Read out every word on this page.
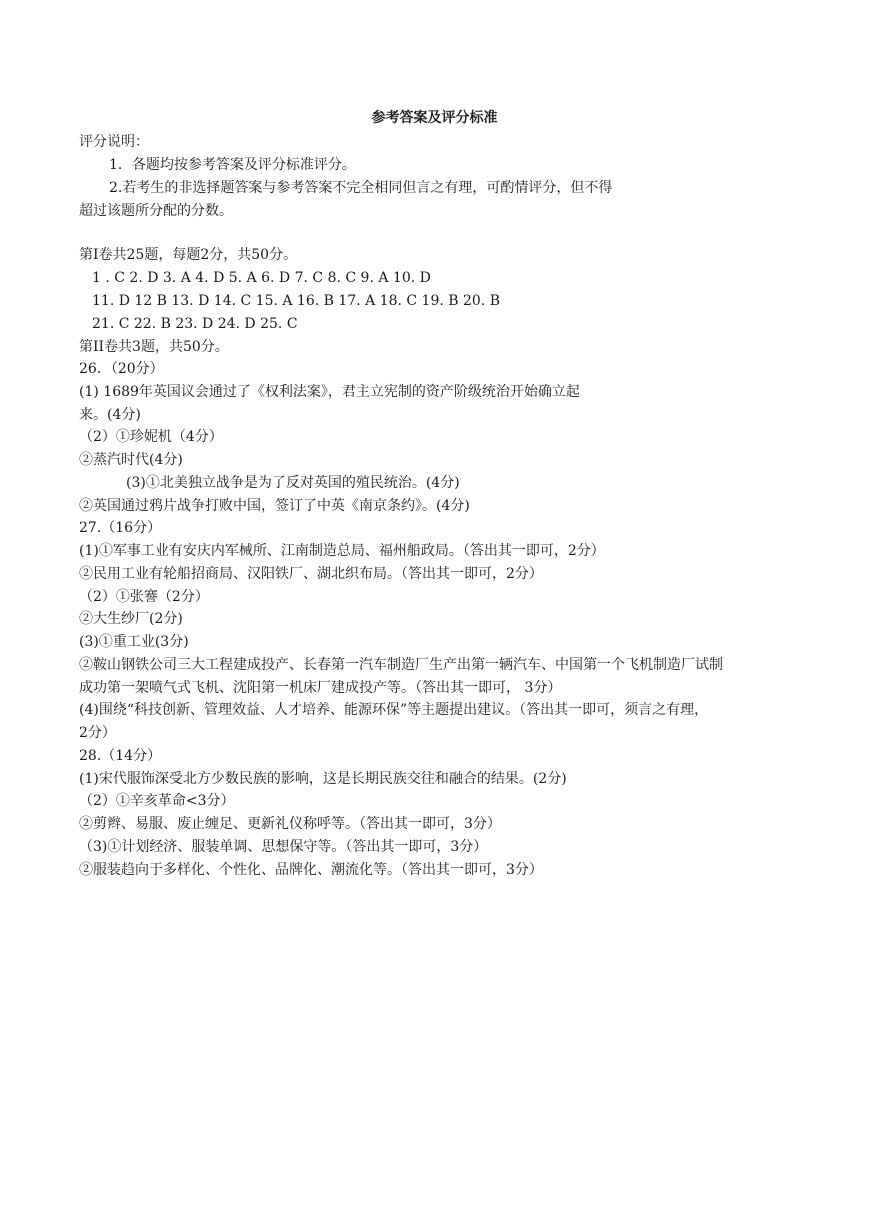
参考答案及评分标准
评分说明：
1．各题均按参考答案及评分标准评分。
2.若考生的非选择题答案与参考答案不完全相同但言之有理，可酌情评分，但不得
超过该题所分配的分数。
第I卷共25题，每题2分，共50分。
1 . C 2. D 3. A 4. D 5. A 6. D 7. C 8. C 9. A 10. D
11. D 12 B 13. D 14. C 15. A 16. B 17. A 18. C 19. B 20. B
21. C 22. B 23. D 24. D 25. C
第II卷共3题，共50分。
26．（20分）
(1) 1689年英国议会通过了《权利法案》，君主立宪制的资产阶级统治开始确立起
来。(4分)
（2）①珍妮机（4分）
②蒸汽时代(4分)
(3)①北美独立战争是为了反对英国的殖民统治。(4分)
②英国通过鸦片战争打败中国，签订了中英《南京条约》。(4分)
27.（16分）
(1)①军事工业有安庆内军械所、江南制造总局、福州船政局。（答出其一即可，2分）
②民用工业有轮船招商局、汉阳铁厂、湖北织布局。（答出其一即可，2分）
（2）①张謇（2分）
②大生纱厂(2分)
(3)①重工业(3分)
②鞍山钢铁公司三大工程建成投产、长春第一汽车制造厂生产出第一辆汽车、中国第一个飞机制造厂试制
成功第一架喷气式飞机、沈阳第一机床厂建成投产等。（答出其一即可， 3分）
(4)围绕“科技创新、管理效益、人才培养、能源环保”等主题提出建议。（答出其一即可，须言之有理，
2分）
28.（14分）
(1)宋代服饰深受北方少数民族的影响，这是长期民族交往和融合的结果。(2分)
（2）①辛亥革命<3分）
②剪辫、易服、废止缠足、更新礼仪称呼等。（答出其一即可，3分）
（3)①计划经济、服装单调、思想保守等。（答出其一即可，3分）
②服装趋向于多样化、个性化、品牌化、潮流化等。（答出其一即可，3分）
